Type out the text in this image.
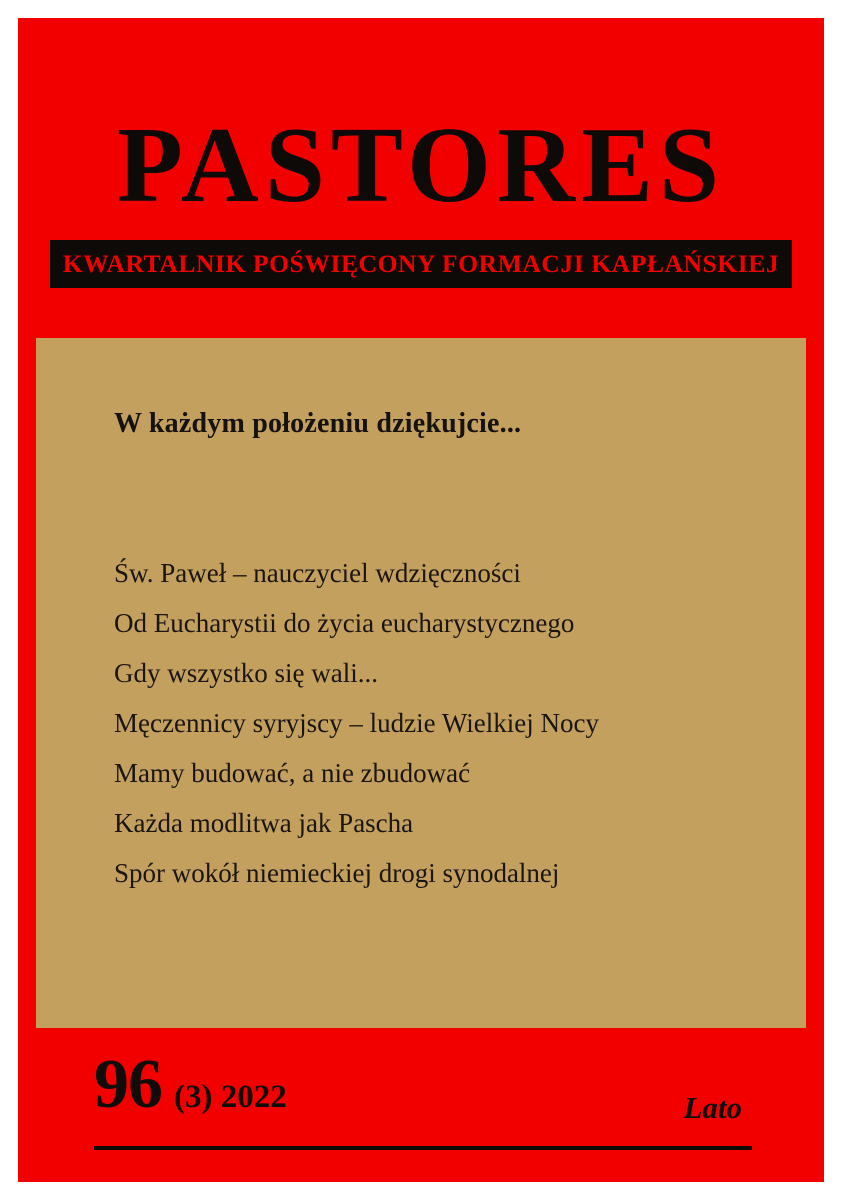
PASTORES
KWARTALNIK POŚWIĘCONY FORMACJI KAPŁAŃSKIEJ
W każdym położeniu dziękujcie...
Św. Paweł – nauczyciel wdzięczności
Od Eucharystii do życia eucharystycznego
Gdy wszystko się wali...
Męczennicy syryjscy – ludzie Wielkiej Nocy
Mamy budować, a nie zbudować
Każda modlitwa jak Pascha
Spór wokół niemieckiej drogi synodalnej
96 (3) 2022	Lato
